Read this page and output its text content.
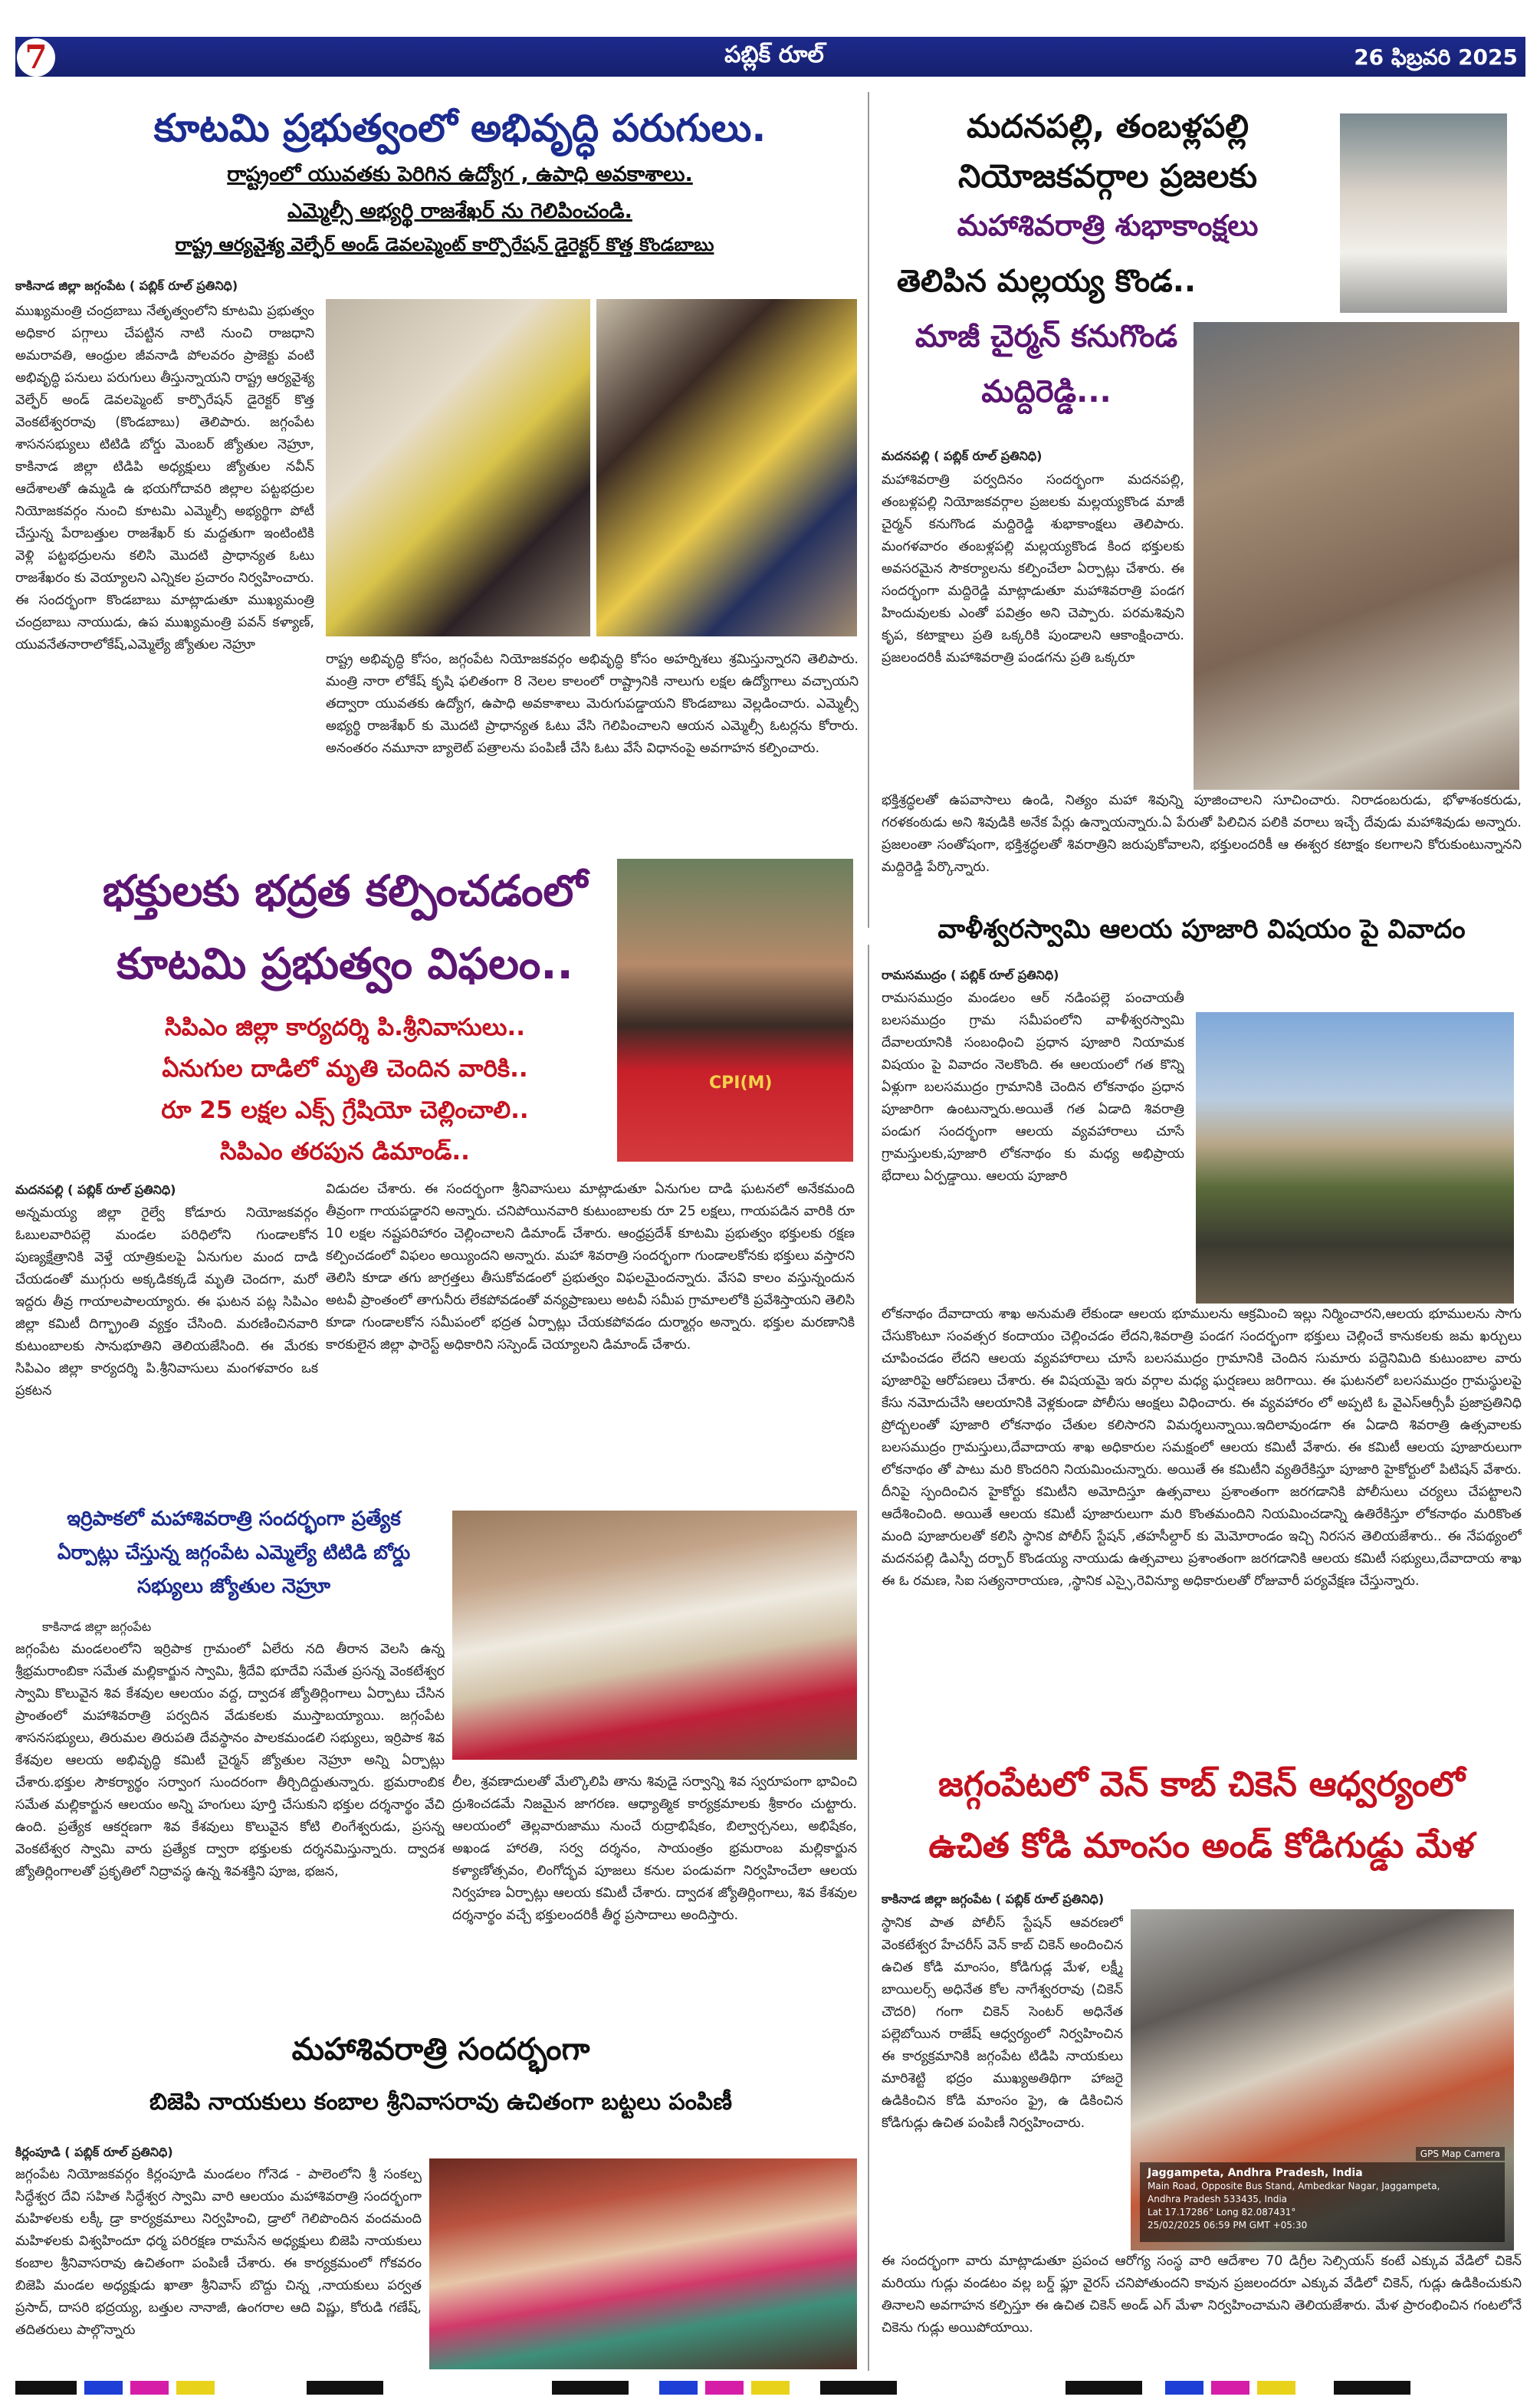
7	పబ్లిక్ రూల్	26 ఫిబ్రవరి 2025
కూటమి ప్రభుత్వంలో అభివృద్ధి పరుగులు.
రాష్ట్రంలో యువతకు పెరిగిన ఉద్యోగ , ఉపాధి అవకాశాలు.
ఎమ్మెల్సీ అభ్యర్థి రాజశేఖర్ ను గెలిపించండి.
రాష్ట్ర ఆర్యవైశ్య వెల్ఫేర్ అండ్ డెవలప్మెంట్ కార్పొరేషన్ డైరెక్టర్ కొత్త కొండబాబు
కాకినాడ జిల్లా జగ్గంపేట ( పబ్లిక్ రూల్ ప్రతినిధి)
ముఖ్యమంత్రి చంద్రబాబు నేతృత్వంలోని కూటమి ప్రభుత్వం అధికార పగ్గాలు చేపట్టిన నాటి నుంచి రాజధాని అమరావతి, ఆంధ్రుల జీవనాడి పోలవరం ప్రాజెక్టు వంటి అభివృద్ధి పనులు పరుగులు తీస్తున్నాయని రాష్ట్ర ఆర్యవైశ్య వెల్ఫేర్ అండ్ డెవలప్మెంట్ కార్పొరేషన్ డైరెక్టర్ కొత్త వెంకటేశ్వరరావు (కొండబాబు) తెలిపారు. జగ్గంపేట శాసనసభ్యులు టిటిడి బోర్డు మెంబర్ జ్యోతుల నెహ్రూ, కాకినాడ జిల్లా టిడిపి అధ్యక్షులు జ్యోతుల నవీన్ ఆదేశాలతో ఉమ్మడి ఉ భయగోదావరి జిల్లాల పట్టభద్రుల నియోజకవర్గం నుంచి కూటమి ఎమ్మెల్సీ అభ్యర్థిగా పోటీ చేస్తున్న పేరాబత్తుల రాజశేఖర్ కు మద్దతుగా ఇంటింటికి వెళ్లి పట్టభద్రులను కలిసి మొదటి ప్రాధాన్యత ఓటు రాజశేఖరం కు వెయ్యాలని ఎన్నికల ప్రచారం నిర్వహించారు. ఈ సందర్భంగా కొండబాబు మాట్లాడుతూ ముఖ్యమంత్రి చంద్రబాబు నాయుడు, ఉప ముఖ్యమంత్రి పవన్ కళ్యాణ్, యువనేతనారాలోకేష్,ఎమ్మెల్యే జ్యోతుల నెహ్రూ
రాష్ట్ర అభివృద్ధి కోసం, జగ్గంపేట నియోజకవర్గం అభివృద్ధి కోసం అహర్నిశలు శ్రమిస్తున్నారని తెలిపారు. మంత్రి నారా లోకేష్ కృషి ఫలితంగా 8 నెలల కాలంలో రాష్ట్రానికి నాలుగు లక్షల ఉద్యోగాలు వచ్చాయని తద్వారా యువతకు ఉద్యోగ, ఉపాధి అవకాశాలు మెరుగుపడ్డాయని కొండబాబు వెల్లడించారు. ఎమ్మెల్సీ అభ్యర్థి రాజశేఖర్ కు మొదటి ప్రాధాన్యత ఓటు వేసి గెలిపించాలని ఆయన ఎమ్మెల్సీ ఓటర్లను కోరారు. అనంతరం నమూనా బ్యాలెట్ పత్రాలను పంపిణీ చేసి ఓటు వేసే విధానంపై అవగాహన కల్పించారు.
మదనపల్లి, తంబళ్లపల్లి
నియోజకవర్గాల ప్రజలకు
మహాశివరాత్రి శుభాకాంక్షలు
తెలిపిన మల్లయ్య కొండ..
మాజీ చైర్మన్ కనుగొండ
మద్దిరెడ్డి...
మదనపల్లి ( పబ్లిక్ రూల్ ప్రతినిధి)
మహాశివరాత్రి పర్వదినం సందర్భంగా మదనపల్లి, తంబళ్లపల్లి నియోజకవర్గాల ప్రజలకు మల్లయ్యకొండ మాజీ చైర్మన్ కనుగొండ మద్దిరెడ్డి శుభాకాంక్షలు తెలిపారు. మంగళవారం తంబళ్లపల్లి మల్లయ్యకొండ కింద భక్తులకు అవసరమైన సౌకర్యాలను కల్పించేలా ఏర్పాట్లు చేశారు. ఈ సందర్భంగా మద్దిరెడ్డి మాట్లాడుతూ మహాశివరాత్రి పండగ హిందువులకు ఎంతో పవిత్రం అని చెప్పారు. పరమశివుని కృప, కటాక్షాలు ప్రతి ఒక్కరికి పుండాలని ఆకాంక్షించారు. ప్రజలందరికీ మహాశివరాత్రి పండగను ప్రతి ఒక్కరూ
భక్తిశ్రద్ధలతో ఉపవాసాలు ఉండి, నిత్యం మహా శివున్ని పూజించాలని సూచించారు. నిరాడంబరుడు, భోళాశంకరుడు, గరళకంఠుడు అని శివుడికి అనేక పేర్లు ఉన్నాయన్నారు.ఏ పేరుతో పిలిచిన పలికి వరాలు ఇచ్చే దేవుడు మహాశివుడు అన్నారు. ప్రజలంతా సంతోషంగా, భక్తిశ్రద్ధలతో శివరాత్రిని జరుపుకోవాలని, భక్తులందరికీ ఆ ఈశ్వర కటాక్షం కలగాలని కోరుకుంటున్నానని మద్దిరెడ్డి పేర్కొన్నారు.
భక్తులకు భద్రత కల్పించడంలో
కూటమి ప్రభుత్వం విఫలం..
సిపిఎం జిల్లా కార్యదర్శి పి.శ్రీనివాసులు..
ఏనుగుల దాడిలో మృతి చెందిన వారికి..
రూ 25 లక్షల ఎక్స్ గ్రేషియో చెల్లించాలి..
సిపిఎం తరపున డిమాండ్..
CPI(M)
మదనపల్లి ( పబ్లిక్ రూల్ ప్రతినిధి)
అన్నమయ్య జిల్లా రైల్వే కోడూరు నియోజకవర్గం ఓబులవారిపల్లె మండల పరిధిలోని గుండాలకోన పుణ్యక్షేత్రానికి వెళ్తే యాత్రికులపై ఏనుగుల మంద దాడి చేయడంతో ముగ్గురు అక్కడికక్కడే మృతి చెందగా, మరో ఇద్దరు తీవ్ర గాయాలపాలయ్యారు. ఈ ఘటన పట్ల సిపిఎం జిల్లా కమిటీ దిగ్భ్రాంతి వ్యక్తం చేసింది. మరణించినవారి కుటుంబాలకు సానుభూతిని తెలియజేసింది. ఈ మేరకు సిపిఎం జిల్లా కార్యదర్శి పి.శ్రీనివాసులు మంగళవారం ఒక ప్రకటన
విడుదల చేశారు. ఈ సందర్భంగా శ్రీనివాసులు మాట్లాడుతూ ఏనుగుల దాడి ఘటనలో అనేకమంది తీవ్రంగా గాయపడ్డారని అన్నారు. చనిపోయినవారి కుటుంబాలకు రూ 25 లక్షలు, గాయపడిన వారికి రూ 10 లక్షల నష్టపరిహారం చెల్లించాలని డిమాండ్ చేశారు. ఆంధ్రప్రదేశ్ కూటమి ప్రభుత్వం భక్తులకు రక్షణ కల్పించడంలో విఫలం అయ్యిందని అన్నారు. మహా శివరాత్రి సందర్భంగా గుండాలకోనకు భక్తులు వస్తారని తెలిసి కూడా తగు జాగ్రత్తలు తీసుకోవడంలో ప్రభుత్వం విఫలమైందన్నారు. వేసవి కాలం వస్తున్నందున అటవీ ప్రాంతంలో తాగునీరు లేకపోవడంతో వన్యప్రాణులు అటవీ సమీప గ్రామాలలోకి ప్రవేశిస్తాయని తెలిసి కూడా గుండాలకోన సమీపంలో భద్రత ఏర్పాట్లు చేయకపోవడం దుర్మార్గం అన్నారు. భక్తుల మరణానికి కారకులైన జిల్లా ఫారెస్ట్ అధికారిని సస్పెండ్ చెయ్యాలని డిమాండ్ చేశారు.
వాళీశ్వరస్వామి ఆలయ పూజారి విషయం పై వివాదం
రామసముద్రం ( పబ్లిక్ రూల్ ప్రతినిధి)
రామసముద్రం మండలం ఆర్ నడింపల్లె పంచాయతీ బలసముద్రం గ్రామ సమీపంలోని వాళీశ్వరస్వామి దేవాలయానికి సంబంధించి ప్రధాన పూజారి నియామక విషయం పై వివాదం నెలకొంది. ఈ ఆలయంలో గత కొన్ని ఏళ్లుగా బలసముద్రం గ్రామానికి చెందిన లోకనాథం ప్రధాన పూజారిగా ఉంటున్నారు.అయితే గత ఏడాది శివరాత్రి పండుగ సందర్భంగా ఆలయ వ్యవహారాలు చూసే గ్రామస్తులకు,పూజారి లోకనాథం కు మధ్య అభిప్రాయ భేదాలు ఏర్పడ్డాయి. ఆలయ పూజారి
లోకనాథం దేవాదాయ శాఖ అనుమతి లేకుండా ఆలయ భూములను ఆక్రమించి ఇల్లు నిర్మించారని,ఆలయ భూములను సాగు చేసుకొంటూ సంవత్సర కందాయం చెల్లించడం లేదని,శివరాత్రి పండగ సందర్భంగా భక్తులు చెల్లించే కానుకలకు జమ ఖర్చులు చూపించడం లేదని ఆలయ వ్యవహారాలు చూసే బలసముద్రం గ్రామానికి చెందిన సుమారు పద్దెనిమిది కుటుంబాల వారు పూజారిపై ఆరోపణలు చేశారు. ఈ విషయమై ఇరు వర్గాల మధ్య ఘర్షణలు జరిగాయి. ఈ ఘటనలో బలసముద్రం గ్రామస్థులపై కేసు నమోదుచేసి ఆలయానికి వెళ్లకుండా పోలీసు ఆంక్షలు విధించారు. ఈ వ్యవహారం లో అప్పటి ఓ వైఎస్ఆర్సీపీ ప్రజాప్రతినిధి ప్రోద్బలంతో పూజారి లోకనాథం చేతుల కలిసారని విమర్శలున్నాయి.ఇదిలావుండగా ఈ ఏడాది శివరాత్రి ఉత్సవాలకు బలసముద్రం గ్రామస్తులు,దేవాదాయ శాఖ అధికారుల సమక్షంలో ఆలయ కమిటీ వేశారు. ఈ కమిటీ ఆలయ పూజారులుగా లోకనాథం తో పాటు మరి కొందరిని నియమించున్నారు. అయితే ఈ కమిటీని వ్యతిరేకిస్తూ పూజారి హైకోర్టులో పిటిషన్ వేశారు. దీనిపై స్పందించిన హైకోర్టు కమిటీని అమోదిస్తూ ఉత్సవాలు ప్రశాంతంగా జరగడానికి పోలీసులు చర్యలు చేపట్టాలని ఆదేశించింది. అయితే ఆలయ కమిటీ పూజారులుగా మరి కొంతమందిని నియమించడాన్ని ఉతిరేకిస్తూ లోకనాథం మరికొంత మంది పూజారులతో కలిసి స్థానిక పోలీస్ స్టేషన్ ,తహసీల్దార్ కు మెమోరాండం ఇచ్చి నిరసన తెలియజేశారు.. ఈ నేపథ్యంలో మదనపల్లి డిఎస్పీ దర్బార్ కొండయ్య నాయుడు ఉత్సవాలు ప్రశాంతంగా జరగడానికి ఆలయ కమిటీ సభ్యులు,దేవాదాయ శాఖ ఈ ఓ రమణ, సిఐ సత్యనారాయణ, ,స్థానిక ఎస్సై,రెవిన్యూ అధికారులతో రోజువారీ పర్యవేక్షణ చేస్తున్నారు.
ఇర్రిపాకలో మహాశివరాత్రి సందర్భంగా ప్రత్యేక
ఏర్పాట్లు చేస్తున్న జగ్గంపేట ఎమ్మెల్యే టిటిడి బోర్డు
సభ్యులు జ్యోతుల నెహ్రూ
కాకినాడ జిల్లా జగ్గంపేట
జగ్గంపేట మండలంలోని ఇర్రిపాక గ్రామంలో ఏలేరు నది తీరాన వెలసి ఉన్న శ్రీభ్రమరాంబికా సమేత మల్లికార్జున స్వామి, శ్రీదేవి భూదేవి సమేత ప్రసన్న వెంకటేశ్వర స్వామి కొలువైన శివ కేశవుల ఆలయం వద్ద, ద్వాదశ జ్యోతిర్లింగాలు ఏర్పాటు చేసిన ప్రాంతంలో మహాశివరాత్రి పర్వదిన వేడుకలకు ముస్తాబయ్యాయి. జగ్గంపేట శాసనసభ్యులు, తిరుమల తిరుపతి దేవస్థానం పాలకమండలి సభ్యులు, ఇర్రిపాక శివ కేశవుల ఆలయ అభివృద్ధి కమిటీ చైర్మన్ జ్యోతుల నెహ్రూ అన్ని ఏర్పాట్లు చేశారు.భక్తుల సౌకర్యార్థం సర్వాంగ సుందరంగా తీర్చిదిద్దుతున్నారు. భ్రమరాంబిక సమేత మల్లికార్జున ఆలయం అన్ని హంగులు పూర్తి చేసుకుని భక్తుల దర్శనార్థం వేచి ఉంది. ప్రత్యేక ఆకర్షణగా శివ కేశవులు కొలువైన కోటి లింగేశ్వరుడు, ప్రసన్న వెంకటేశ్వర స్వామి వారు ప్రత్యేక ద్వారా భక్తులకు దర్శనమిస్తున్నారు. ద్వాదశ జ్యోతిర్లింగాలతో ప్రకృతిలో నిద్రావస్థ ఉన్న శివశక్తిని పూజ, భజన,
లీల, శ్రవణాదులతో మేల్కొలిపి తాను శివుడై సర్వాన్ని శివ స్వరూపంగా భావించి ద్రుశించడమే నిజమైన జాగరణ. ఆధ్యాత్మిక కార్యక్రమాలకు శ్రీకారం చుట్టారు. ఆలయంలో తెల్లవారుజాము నుంచే రుద్రాభిషేకం, బిల్వార్చనలు, అభిషేకం, అఖండ హారతి, సర్వ దర్శనం, సాయంత్రం భ్రమరాంబ మల్లికార్జున కళ్యాణోత్సవం, లింగోద్భవ పూజలు కనుల పండువగా నిర్వహించేలా ఆలయ నిర్వహణ ఏర్పాట్లు ఆలయ కమిటీ చేశారు. ద్వాదశ జ్యోతిర్లింగాలు, శివ కేశవుల దర్శనార్థం వచ్చే భక్తులందరికీ తీర్థ ప్రసాదాలు అందిస్తారు.
జగ్గంపేటలో వెన్ కాబ్ చికెన్ ఆధ్వర్యంలో
ఉచిత కోడి మాంసం అండ్ కోడిగుడ్డు మేళ
కాకినాడ జిల్లా జగ్గంపేట ( పబ్లిక్ రూల్ ప్రతినిధి)
స్థానిక పాత పోలీస్ స్టేషన్ ఆవరణలో వెంకటేశ్వర హేచరీస్ వెన్ కాబ్ చికెన్ అందించిన ఉచిత కోడి మాంసం, కోడిగుడ్ల మేళ, లక్ష్మీ బాయిలర్స్ అధినేత కోల నాగేశ్వరరావు (చికెన్ చౌదరి) గంగా చికెన్ సెంటర్ అధినేత పల్లెబోయిన రాజేష్ ఆధ్వర్యంలో నిర్వహించిన ఈ కార్యక్రమానికి జగ్గంపేట టిడిపి నాయకులు మారిశెట్టి భద్రం ముఖ్యఅతిథిగా హాజరై ఉడికించిన కోడి మాంసం ఫ్రై, ఉ డికించిన కోడిగుడ్లు ఉచిత పంపిణీ నిర్వహించారు.
Jaggampeta, Andhra Pradesh, India
Main Road, Opposite Bus Stand, Ambedkar Nagar, Jaggampeta,
Andhra Pradesh 533435, India
Lat 17.17286° Long 82.087431°
25/02/2025 06:59 PM GMT +05:30
GPS Map Camera
ఈ సందర్భంగా వారు మాట్లాడుతూ ప్రపంచ ఆరోగ్య సంస్థ వారి ఆదేశాల 70 డిగ్రీల సెల్సియస్ కంటే ఎక్కువ వేడిలో చికెన్ మరియు గుడ్లు వండటం వల్ల బర్డ్ ఫ్లూ వైరస్ చనిపోతుందని కావున ప్రజలందరూ ఎక్కువ వేడిలో చికెన్, గుడ్లు ఉడికించుకుని తినాలని అవగాహన కల్పిస్తూ ఈ ఉచిత చికెన్ అండ్ ఎగ్ మేళా నిర్వహించామని తెలియజేశారు. మేళ ప్రారంభించిన గంటలోనే చికెను గుడ్లు అయిపోయాయి.
మహాశివరాత్రి సందర్భంగా
బిజెపి నాయకులు కంబాల శ్రీనివాసరావు ఉచితంగా బట్టలు పంపిణీ
కిర్లంపూడి ( పబ్లిక్ రూల్ ప్రతినిధి)
జగ్గంపేట నియోజకవర్గం కిర్లంపూడి మండలం గోనెడ - పాలెంలోని శ్రీ సంకల్ప సిద్ధేశ్వర దేవి సహిత సిద్ధేశ్వర స్వామి వారి ఆలయం మహాశివరాత్రి సందర్భంగా మహిళలకు లక్కీ డ్రా కార్యక్రమాలు నిర్వహించి, డ్రాలో గెలిపొందిన వందమంది మహిళలకు విశ్వహిందూ ధర్మ పరిరక్షణ రామసేన అధ్యక్షులు బిజెపి నాయకులు కంబాల శ్రీనివాసరావు ఉచితంగా పంపిణీ చేశారు. ఈ కార్యక్రమంలో గోకవరం బిజెపి మండల అధ్యక్షుడు ఖాతా శ్రీనివాస్ బొద్దు చిన్న ,నాయకులు పర్వత ప్రసాద్, దాసరి భద్రయ్య, బత్తుల నానాజీ, ఉంగరాల ఆది విష్ణు, కోరుడి గణేష్, తదితరులు పాల్గొన్నారు
